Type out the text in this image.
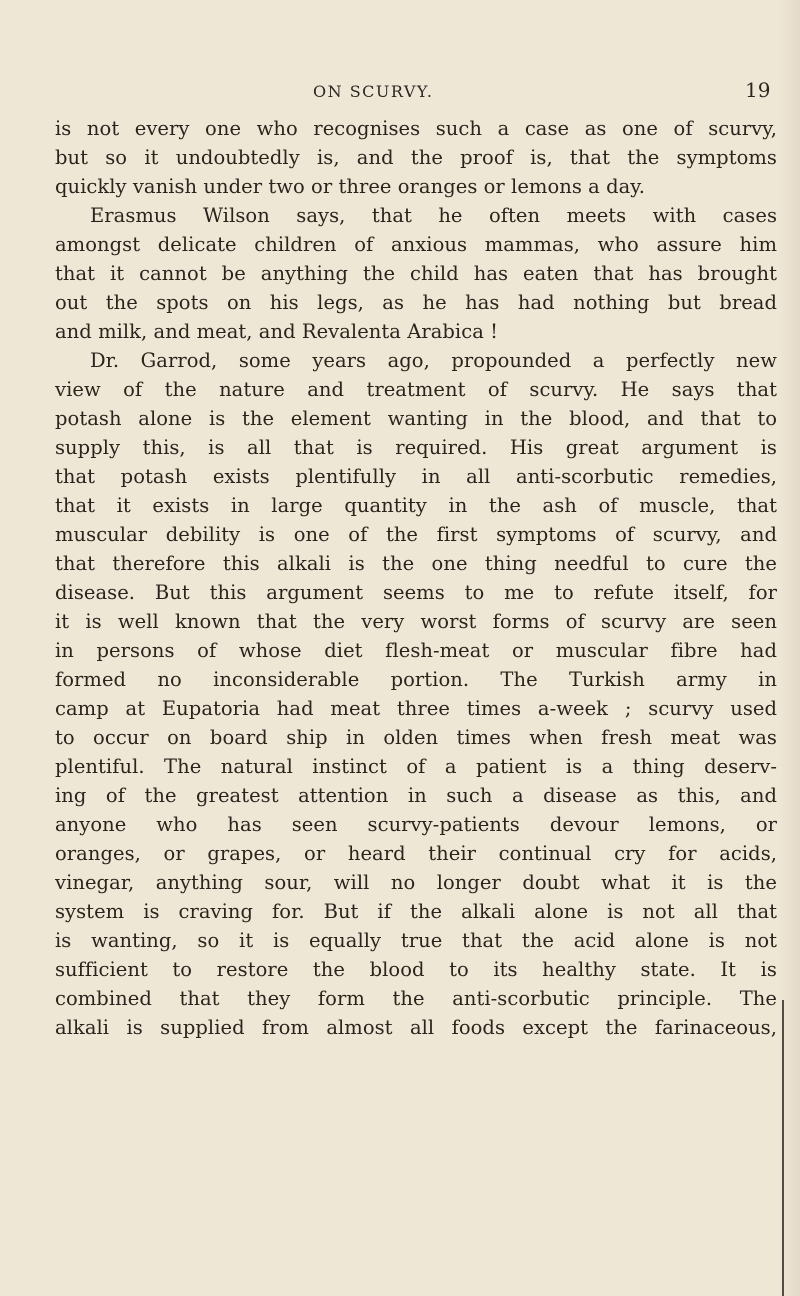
ON SCURVY.	19
is not every one who recognises such a case as one of scurvy,
but so it undoubtedly is, and the proof is, that the symptoms
quickly vanish under two or three oranges or lemons a day.
Erasmus Wilson says, that he often meets with cases
amongst delicate children of anxious mammas, who assure him
that it cannot be anything the child has eaten that has brought
out the spots on his legs, as he has had nothing but bread
and milk, and meat, and Revalenta Arabica !
Dr. Garrod, some years ago, propounded a perfectly new
view of the nature and treatment of scurvy. He says that
potash alone is the element wanting in the blood, and that to
supply this, is all that is required. His great argument is
that potash exists plentifully in all anti-scorbutic remedies,
that it exists in large quantity in the ash of muscle, that
muscular debility is one of the first symptoms of scurvy, and
that therefore this alkali is the one thing needful to cure the
disease. But this argument seems to me to refute itself, for
it is well known that the very worst forms of scurvy are seen
in persons of whose diet flesh-meat or muscular fibre had
formed no inconsiderable portion. The Turkish army in
camp at Eupatoria had meat three times a-week ; scurvy used
to occur on board ship in olden times when fresh meat was
plentiful. The natural instinct of a patient is a thing deserv-
ing of the greatest attention in such a disease as this, and
anyone who has seen scurvy-patients devour lemons, or
oranges, or grapes, or heard their continual cry for acids,
vinegar, anything sour, will no longer doubt what it is the
system is craving for. But if the alkali alone is not all that
is wanting, so it is equally true that the acid alone is not
sufficient to restore the blood to its healthy state. It is
combined that they form the anti-scorbutic principle. The
alkali is supplied from almost all foods except the farinaceous,
